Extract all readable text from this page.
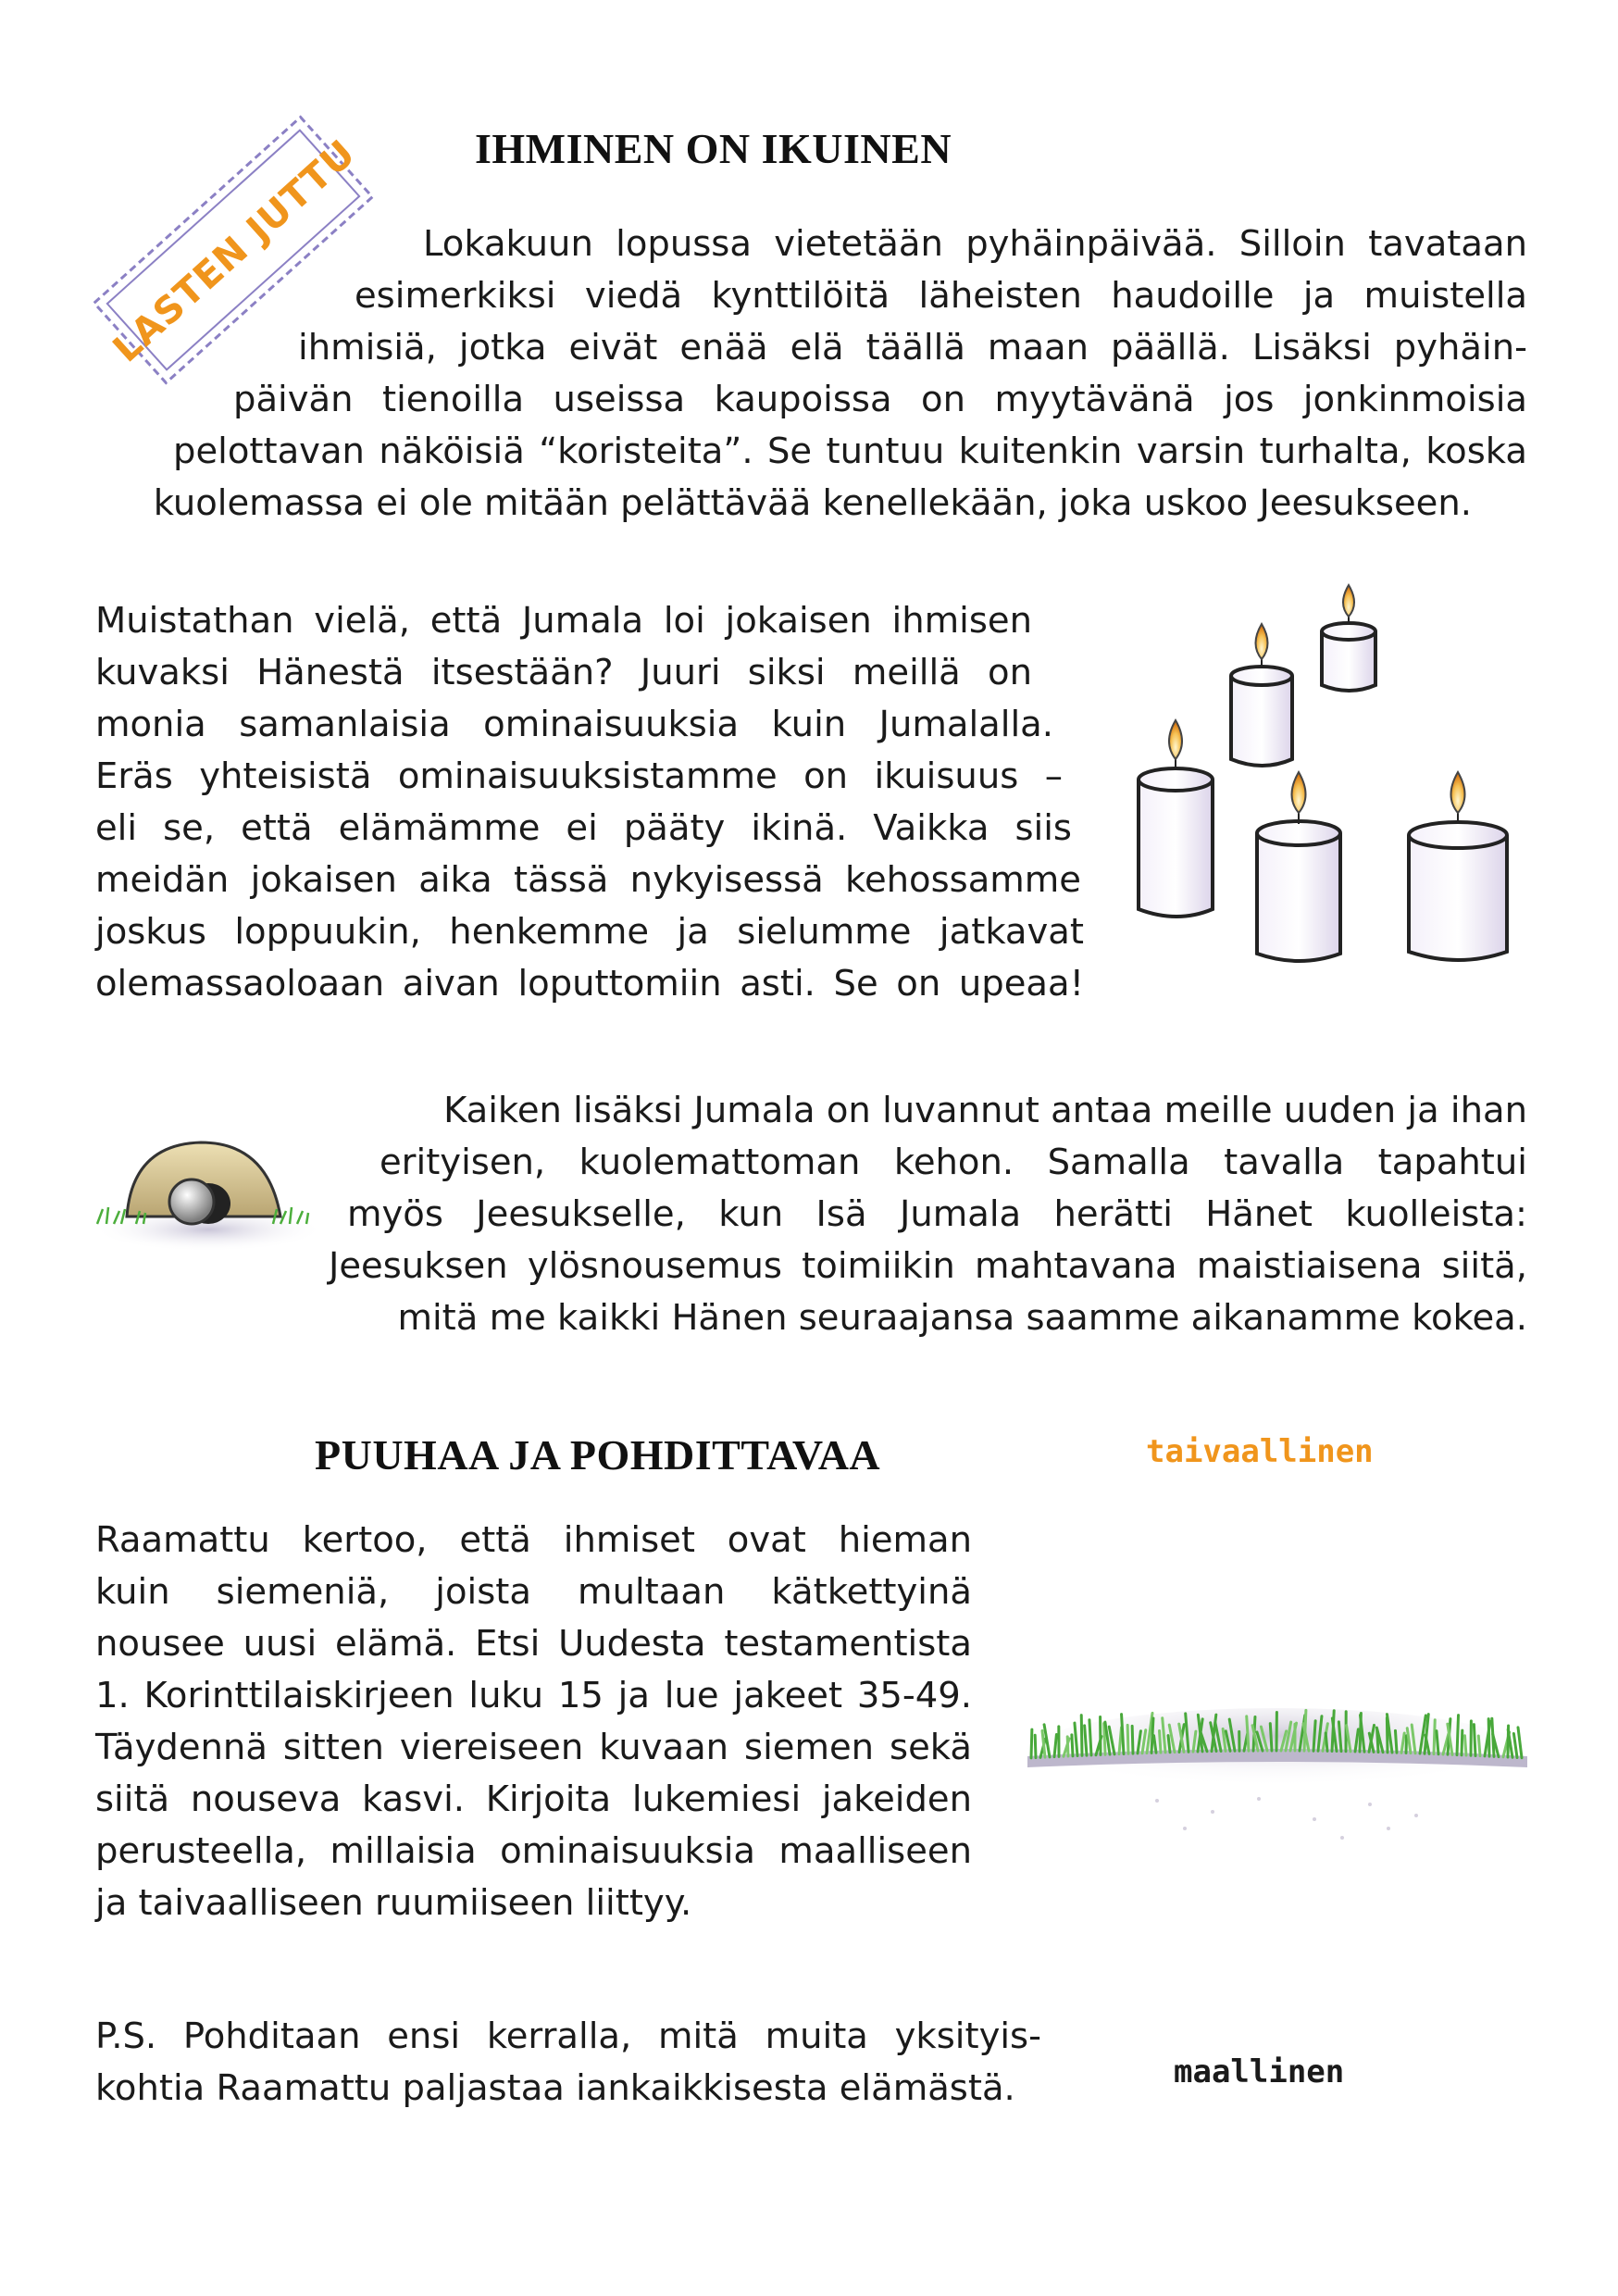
LASTEN JUTTU	IHMINEN ON IKUINEN
Lokakuun lopussa vietetään pyhäinpäivää. Silloin tavataan
esimerkiksi viedä kynttilöitä läheisten haudoille ja muistella
ihmisiä, jotka eivät enää elä täällä maan päällä. Lisäksi pyhäin-
päivän tienoilla useissa kaupoissa on myytävänä jos jonkinmoisia
pelottavan näköisiä “koristeita”. Se tuntuu kuitenkin varsin turhalta, koska
kuolemassa ei ole mitään pelättävää kenellekään, joka uskoo Jeesukseen.
Muistathan vielä, että Jumala loi jokaisen ihmisen
kuvaksi Hänestä itsestään? Juuri siksi meillä on
monia samanlaisia ominaisuuksia kuin Jumalalla.
Eräs yhteisistä ominaisuuksistamme on ikuisuus –
eli se, että elämämme ei pääty ikinä. Vaikka siis
meidän jokaisen aika tässä nykyisessä kehossamme
joskus loppuukin, henkemme ja sielumme jatkavat
olemassaoloaan aivan loputtomiin asti. Se on upeaa!
Kaiken lisäksi Jumala on luvannut antaa meille uuden ja ihan
erityisen, kuolemattoman kehon. Samalla tavalla tapahtui
myös Jeesukselle, kun Isä Jumala herätti Hänet kuolleista:
Jeesuksen ylösnousemus toimiikin mahtavana maistiaisena siitä,
mitä me kaikki Hänen seuraajansa saamme aikanamme kokea.
PUUHAA JA POHDITTAVAA	taivaallinen
Raamattu kertoo, että ihmiset ovat hieman
kuin siemeniä, joista multaan kätkettyinä
nousee uusi elämä. Etsi Uudesta testamentista
1. Korinttilaiskirjeen luku 15 ja lue jakeet 35-49.
Täydennä sitten viereiseen kuvaan siemen sekä
siitä nouseva kasvi. Kirjoita lukemiesi jakeiden
perusteella, millaisia ominaisuuksia maalliseen
ja taivaalliseen ruumiiseen liittyy.
P.S. Pohditaan ensi kerralla, mitä muita yksityis-
kohtia Raamattu paljastaa iankaikkisesta elämästä.	maallinen
